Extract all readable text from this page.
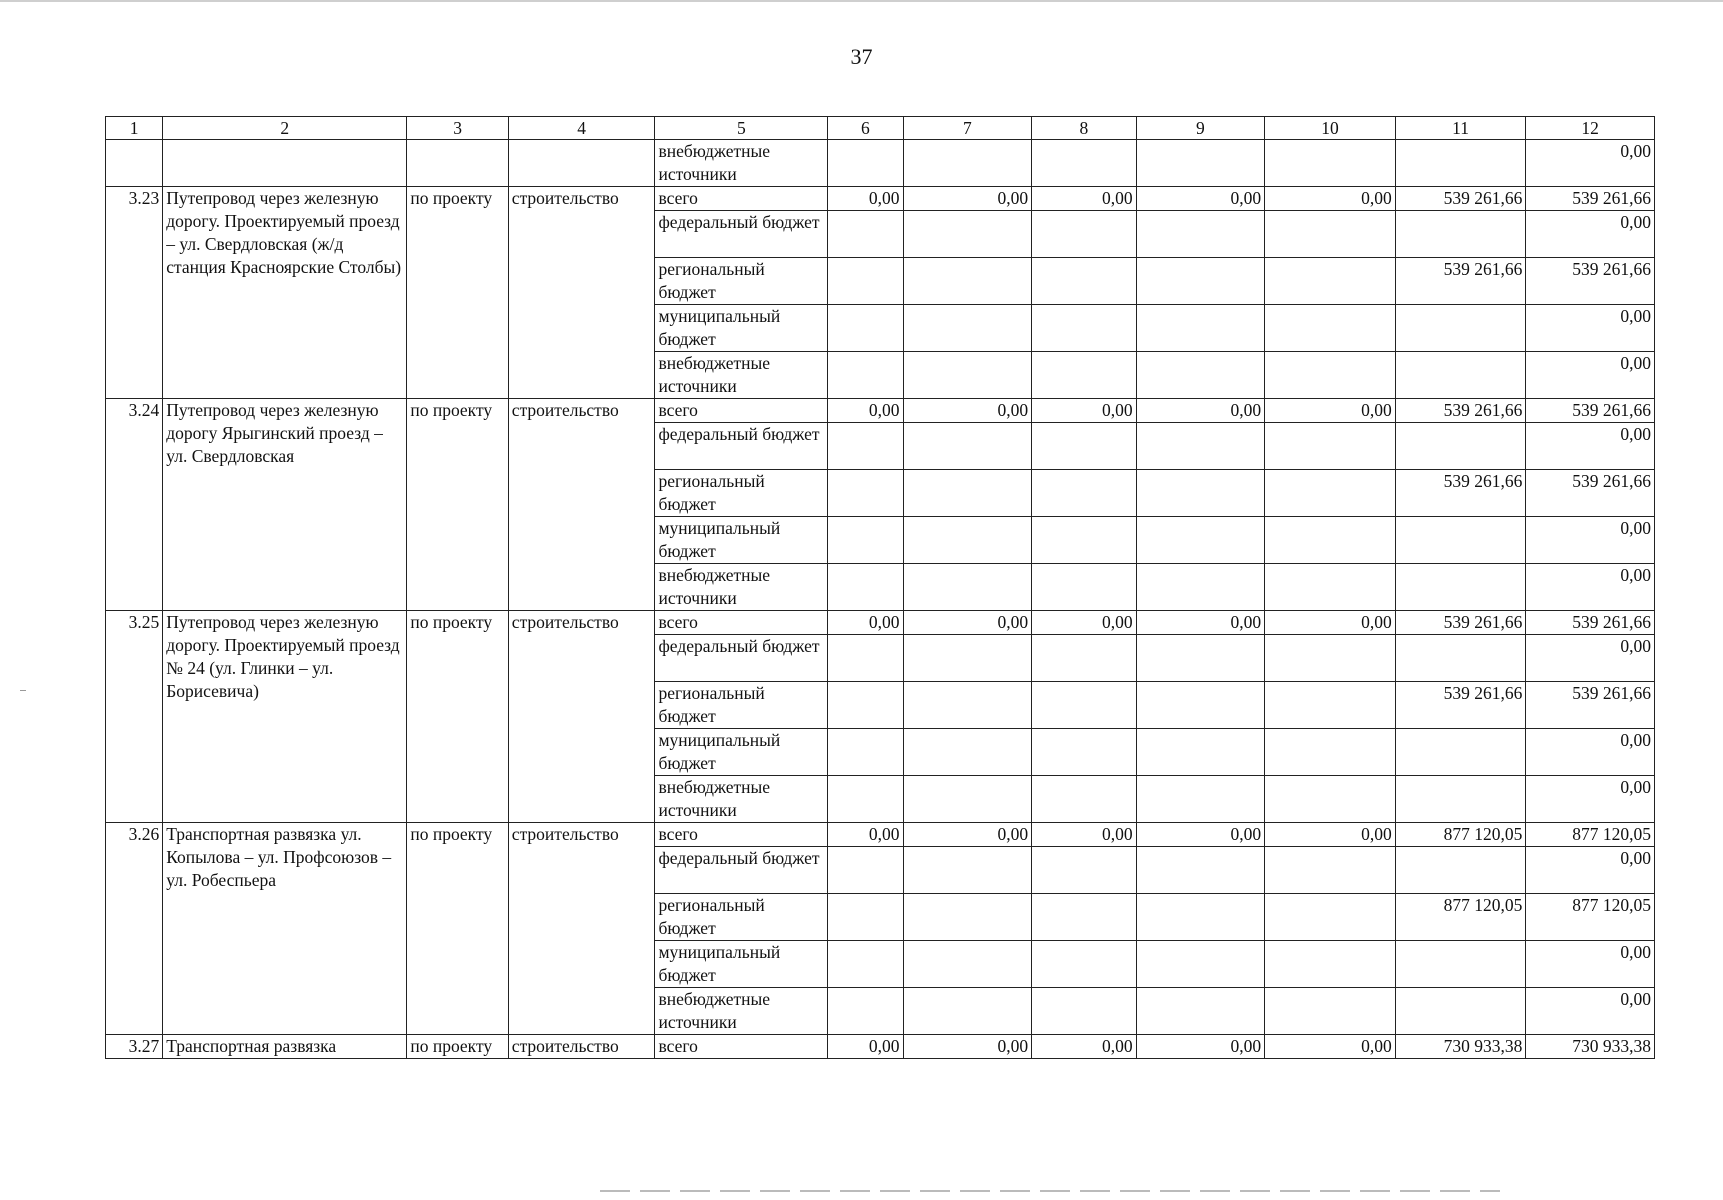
37
1	2	3	4	5	6	7	8	9	10	11	12
				внебюджетные источники							0,00
3.23	Путепровод через железную дорогу. Проектируемый проезд – ул. Свердловская (ж/д станция Красноярские Столбы)	по проекту	строительство	всего	0,00	0,00	0,00	0,00	0,00	539 261,66	539 261,66
				федеральный бюджет							0,00
				региональный бюджет						539 261,66	539 261,66
				муниципальный бюджет							0,00
				внебюджетные источники							0,00
3.24	Путепровод через железную дорогу Ярыгинский проезд – ул. Свердловская	по проекту	строительство	всего	0,00	0,00	0,00	0,00	0,00	539 261,66	539 261,66
				федеральный бюджет							0,00
				региональный бюджет						539 261,66	539 261,66
				муниципальный бюджет							0,00
				внебюджетные источники							0,00
3.25	Путепровод через железную дорогу. Проектируемый проезд № 24 (ул. Глинки – ул. Борисевича)	по проекту	строительство	всего	0,00	0,00	0,00	0,00	0,00	539 261,66	539 261,66
				федеральный бюджет							0,00
				региональный бюджет						539 261,66	539 261,66
				муниципальный бюджет							0,00
				внебюджетные источники							0,00
3.26	Транспортная развязка ул. Копылова – ул. Профсоюзов – ул. Робеспьера	по проекту	строительство	всего	0,00	0,00	0,00	0,00	0,00	877 120,05	877 120,05
				федеральный бюджет							0,00
				региональный бюджет						877 120,05	877 120,05
				муниципальный бюджет							0,00
				внебюджетные источники							0,00
3.27	Транспортная развязка	по проекту	строительство	всего	0,00	0,00	0,00	0,00	0,00	730 933,38	730 933,38
